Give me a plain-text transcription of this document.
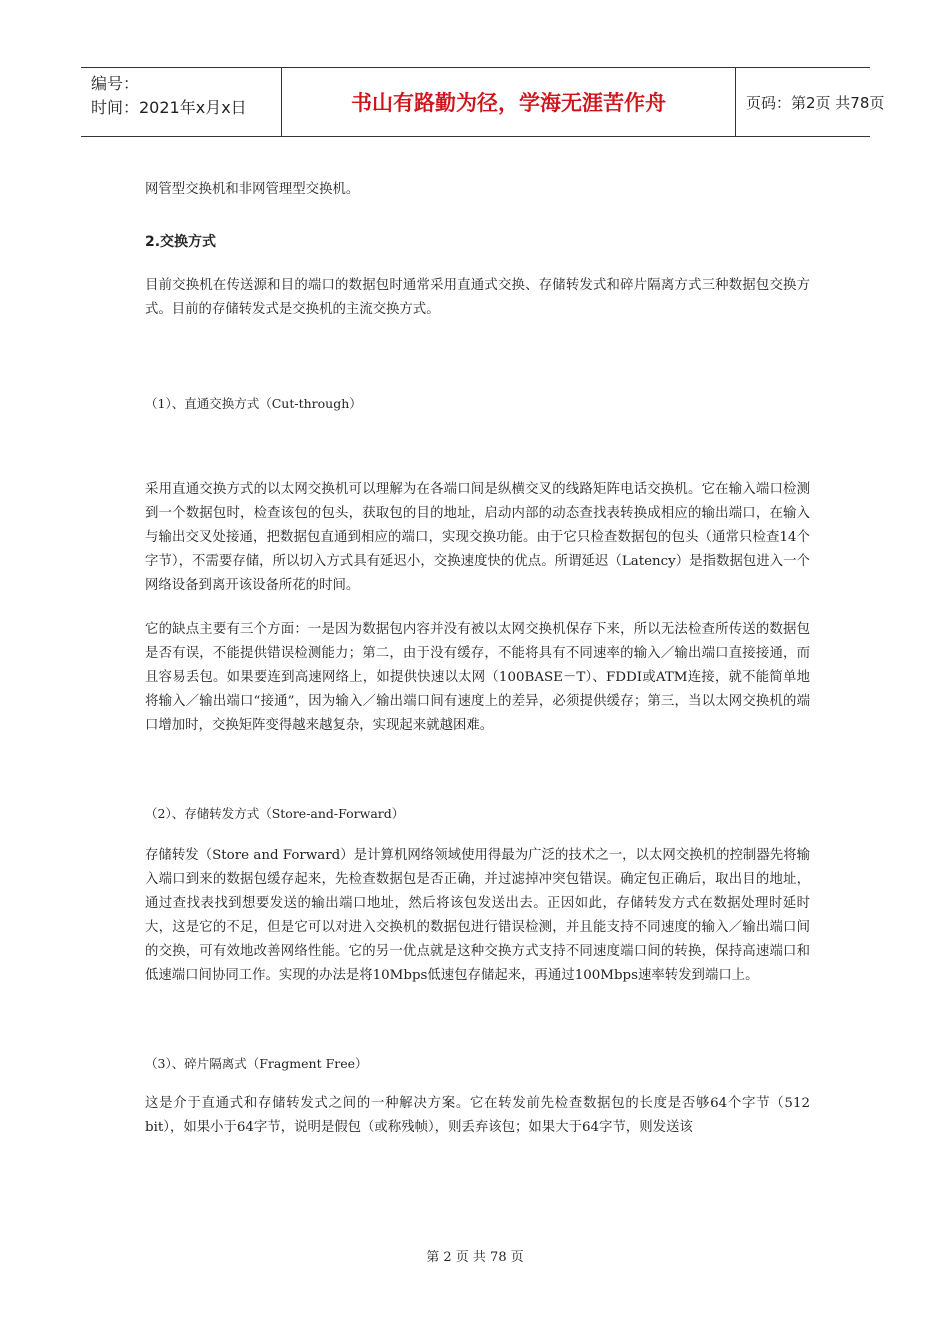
编号：
时间：2021年x月x日	书山有路勤为径，学海无涯苦作舟	页码：第2页 共78页

网管型交换机和非网管理型交换机。

2.交换方式

目前交换机在传送源和目的端口的数据包时通常采用直通式交换、存储转发式和碎片隔离方式三种数据包交换方式。目前的存储转发式是交换机的主流交换方式。

（1）、直通交换方式（Cut-through）

采用直通交换方式的以太网交换机可以理解为在各端口间是纵横交叉的线路矩阵电话交换机。它在输入端口检测到一个数据包时，检查该包的包头，获取包的目的地址，启动内部的动态查找表转换成相应的输出端口，在输入与输出交叉处接通，把数据包直通到相应的端口，实现交换功能。由于它只检查数据包的包头（通常只检查14个字节），不需要存储，所以切入方式具有延迟小，交换速度快的优点。所谓延迟（Latency）是指数据包进入一个网络设备到离开该设备所花的时间。

它的缺点主要有三个方面：一是因为数据包内容并没有被以太网交换机保存下来，所以无法检查所传送的数据包是否有误，不能提供错误检测能力；第二，由于没有缓存，不能将具有不同速率的输入／输出端口直接接通，而且容易丢包。如果要连到高速网络上，如提供快速以太网（100BASE－T）、FDDI或ATM连接，就不能简单地将输入／输出端口“接通”，因为输入／输出端口间有速度上的差异，必须提供缓存；第三，当以太网交换机的端口增加时，交换矩阵变得越来越复杂，实现起来就越困难。

（2）、存储转发方式（Store-and-Forward）

存储转发（Store and Forward）是计算机网络领域使用得最为广泛的技术之一，以太网交换机的控制器先将输入端口到来的数据包缓存起来，先检查数据包是否正确，并过滤掉冲突包错误。确定包正确后，取出目的地址，通过查找表找到想要发送的输出端口地址，然后将该包发送出去。正因如此，存储转发方式在数据处理时延时大，这是它的不足，但是它可以对进入交换机的数据包进行错误检测，并且能支持不同速度的输入／输出端口间的交换，可有效地改善网络性能。它的另一优点就是这种交换方式支持不同速度端口间的转换，保持高速端口和低速端口间协同工作。实现的办法是将10Mbps低速包存储起来，再通过100Mbps速率转发到端口上。

（3）、碎片隔离式（Fragment Free）

这是介于直通式和存储转发式之间的一种解决方案。它在转发前先检查数据包的长度是否够64个字节（512 bit），如果小于64字节，说明是假包（或称残帧），则丢弃该包；如果大于64字节，则发送该

第 2 页 共 78 页
